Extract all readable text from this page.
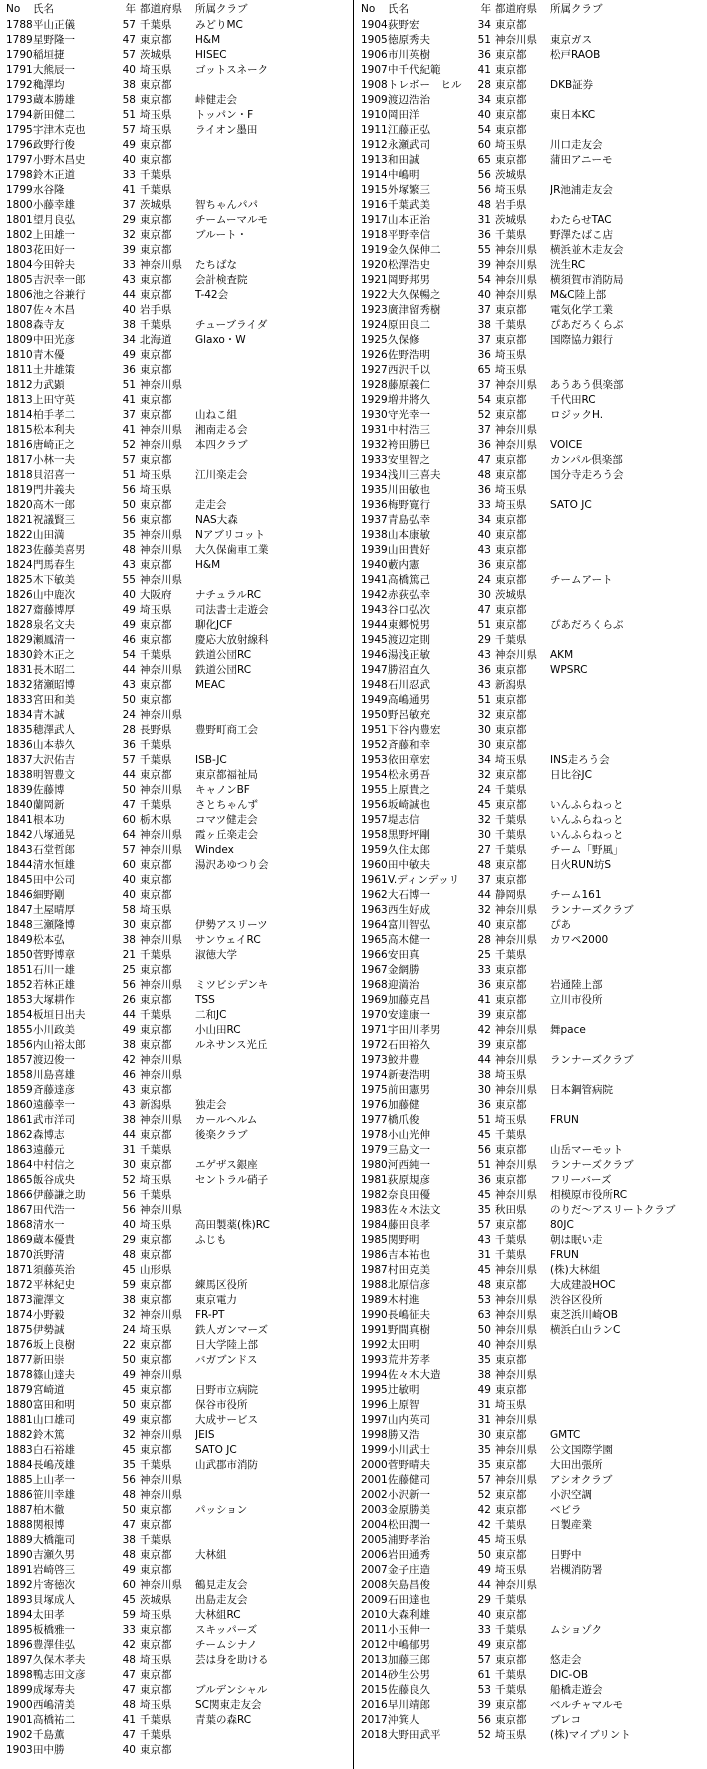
No	氏名	年 都道府県	所属クラブ
1788 平山正儀	57 千葉県	みどりMC
1789 星野隆一	47 東京都	H&M
1790 稲垣捷	57 茨城県	HISEC
1791 大熊辰一	40 埼玉県	ゴットスネーク
1792 穐澤均	38 東京都
1793 蔵本勝雄	58 東京都	峠健走会
1794 新田健二	51 埼玉県	トッパン・F
1795 宇津木克也	57 埼玉県	ライオン墨田
1796 政野行俊	49 東京都
1797 小野木昌史	40 東京都
1798 鈴木正道	33 千葉県
1799 水谷隆	41 千葉県
1800 小藤幸雄	37 茨城県	智ちゃんパパ
1801 望月良弘	29 東京都	チームーマルモ
1802 上田雄一	32 東京都	ブルート・
1803 花田好一	39 東京都
1804 今田幹夫	33 神奈川県	たちばな
1805 吉沢幸一郎	43 東京都	会計検査院
1806 池之谷兼行	44 東京都	T-42会
1807 佐々木昌	40 岩手県
1808 森寺友	38 千葉県	チューブライダ
1809 中田光彦	34 北海道	Glaxo・W
1810 青木優	49 東京都
1811 土井雄策	36 東京都
1812 力武顕	51 神奈川県
1813 上田守英	41 東京都
1814 柏手孝二	37 東京都	山ねこ組
1815 松本利夫	41 神奈川県	湘南走る会
1816 唐崎正之	52 神奈川県	本四クラブ
1817 小林一夫	57 東京都
1818 貝沼喜一	51 埼玉県	江川楽走会
1819 門井義夫	56 埼玉県
1820 高木一郎	50 東京都	走走会
1821 祝議賢三	56 東京都	NAS大森
1822 山田満	35 神奈川県	Nアブリコット
1823 佐藤美喜男	48 神奈川県	大久保歯車工業
1824 門馬春生	43 東京都	H&M
1825 木下敏美	55 神奈川県
1826 山中鹿次	40 大阪府	ナチュラルRC
1827 齋藤博厚	49 埼玉県	司法書士走遊会
1828 泉名文夫	49 東京都	聊化JCF
1829 瀬鳳清一	46 東京都	慶応大放射線科
1830 鈴木正之	54 千葉県	鉄道公団RC
1831 長木昭二	44 神奈川県	鉄道公団RC
1832 猪瀬昭博	43 東京都	MEAC
1833 宮田和美	50 東京都
1834 青木誠	24 神奈川県
1835 穂澤武人	28 長野県	豊野町商工会
1836 山本恭久	36 千葉県
1837 大沢佑吉	57 千葉県	ISB-JC
1838 明智豊文	44 東京都	東京都福祉局
1839 佐藤博	50 神奈川県	キャノンBF
1840 蘭岡新	47 千葉県	さとちゃんず
1841 根本功	60 栃木県	コマツ健走会
1842 八塚通晃	64 神奈川県	霞ヶ丘楽走会
1843 石堂哲郎	57 神奈川県	Windex
1844 清水恒雄	60 東京都	湯沢あゆつり会
1845 田中公司	40 東京都
1846 細野剛	40 東京都
1847 土屋晴厚	58 埼玉県
1848 三瀬隆博	30 東京都	伊勢アスリーツ
1849 松本弘	38 神奈川県	サンウェイRC
1850 菅野博章	21 千葉県	淑徳大学
1851 石川一雄	25 東京都
1852 若林正雄	56 神奈川県	ミツビシデンキ
1853 大塚耕作	26 東京都	TSS
1854 板垣日出夫	44 千葉県	二和JC
1855 小川政美	49 東京都	小山田RC
1856 内山裕太郎	38 東京都	ルネサンス光丘
1857 渡辺俊一	42 神奈川県
1858 川島喜雄	46 神奈川県
1859 斉藤達彦	43 東京都
1860 遠藤幸一	43 新潟県	独走会
1861 武市洋司	38 神奈川県	カールヘルム
1862 森博志	44 東京都	後楽クラブ
1863 遠藤元	31 千葉県
1864 中村信之	30 東京都	エゲザス銀座
1865 飯谷成央	52 埼玉県	セントラル硝子
1866 伊藤謙之助	56 千葉県
1867 田代浩一	56 神奈川県
1868 清水一	40 埼玉県	高田製薬(株)RC
1869 蔵本優貴	29 東京都	ふじも
1870 浜野清	48 東京都
1871 須藤英治	45 山形県
1872 平林紀史	59 東京都	練馬区役所
1873 瀧澤文	38 東京都	東京電力
1874 小野毅	32 神奈川県	FR-PT
1875 伊勢誠	24 埼玉県	鉄人ガンマーズ
1876 坂上良樹	22 東京都	日大学陸上部
1877 新田崇	50 東京都	バガブンドス
1878 篠山達夫	49 神奈川県
1879 宮崎道	45 東京都	日野市立病院
1880 富田和明	50 東京都	保谷市役所
1881 山口雄司	49 東京都	大成サービス
1882 鈴木篤	32 神奈川県	JEIS
1883 白石裕雄	45 東京都	SATO JC
1884 長嶋茂雄	35 千葉県	山武郡市消防
1885 上山孝一	56 神奈川県
1886 笹川幸雄	48 神奈川県
1887 柏木徹	50 東京都	パッション
1888 関根博	47 東京都
1889 大橋龍司	38 千葉県
1890 吉瀬久男	48 東京都	大林組
1891 岩崎啓三	49 東京都
1892 片寄徳次	60 神奈川県	鶴見走友会
1893 貝塚成人	45 茨城県	出島走友会
1894 太田孝	59 埼玉県	大林組RC
1895 板橋雅一	33 東京都	スキッパーズ
1896 豊澤佳弘	42 東京都	チームシナノ
1897 久保木孝夫	48 埼玉県	芸は身を助ける
1898 鴨志田文彦	47 東京都
1899 成塚寿夫	47 東京都	ブルデンシャル
1900 西嶋清美	48 埼玉県	SC関東走友会
1901 高橋祐二	41 千葉県	青葉の森RC
1902 千島薫	47 千葉県
1903 田中勝	40 東京都
No	氏名	年 都道府県	所属クラブ
1904 荻野宏	34 東京都
1905 徳原秀夫	51 神奈川県	東京ガス
1906 市川英樹	36 東京都	松戸RAOB
1907 中千代紀範	41 東京都
1908 トレボー　ヒル	28 東京都	DKB証券
1909 渡辺浩治	34 東京都
1910 岡田洋	40 東京都	東日本KC
1911 江藤正弘	54 東京都
1912 永瀬武司	60 埼玉県	川口走友会
1913 和田誠	65 東京都	蒲田アニーモ
1914 中嶋明	56 茨城県
1915 外塚繁三	56 埼玉県	JR池浦走友会
1916 千葉武美	48 岩手県
1917 山本正治	31 茨城県	わたらせTAC
1918 平野幸信	36 千葉県	野澤たばこ店
1919 金久保伸二	55 神奈川県	横浜並木走友会
1920 松澤浩史	39 神奈川県	洸生RC
1921 岡野邦男	54 神奈川県	横須賀市消防局
1922 大久保暢之	40 神奈川県	M&C陸上部
1923 廣津留秀樹	37 東京都	電気化学工業
1924 原田良二	38 千葉県	ぴあだろくらぶ
1925 久保修	37 東京都	国際協力銀行
1926 佐野浩明	36 埼玉県
1927 西沢千以	65 埼玉県
1928 藤原義仁	37 神奈川県	あうあう倶楽部
1929 増井將久	54 東京都	千代田RC
1930 守光幸一	52 東京都	ロジックH.
1931 中村浩三	37 神奈川県
1932 袴田勝巳	36 神奈川県	VOICE
1933 安里智之	47 東京都	カンパル倶楽部
1934 浅川三喜夫	48 東京都	国分寺走ろう会
1935 川田敏也	36 埼玉県
1936 梅野寛行	33 埼玉県	SATO JC
1937 青島弘幸	34 東京都
1938 山本康敏	40 東京都
1939 山田貴好	43 東京都
1940 藪内憲	36 東京都
1941 高橋篤己	24 東京都	チームアート
1942 赤荻弘幸	30 茨城県
1943 谷口弘次	47 東京都
1944 東郷悦男	51 東京都	ぴあだろくらぶ
1945 渡辺定則	29 千葉県
1946 湯浅正敏	43 神奈川県	AKM
1947 勝沼直久	36 東京都	WPSRC
1948 石川忍武	43 新潟県
1949 高嶋通男	51 東京都
1950 野呂敏充	32 東京都
1951 下谷内豊宏	30 東京都
1952 斉藤和幸	30 東京都
1953 依田章宏	34 埼玉県	INS走ろう会
1954 松永勇吾	32 東京都	日比谷JC
1955 上原貴之	24 千葉県
1956 坂崎誠也	45 東京都	いんふらねっと
1957 堤志信	32 千葉県	いんふらねっと
1958 黒野坪剛	30 千葉県	いんふらねっと
1959 久住太郎	27 千葉県	チーム「野風」
1960 田中敏夫	48 東京都	日火RUN坊S
1961 V.ディンデッリ	37 東京都
1962 大石博一	44 静岡県	チーム161
1963 西生好成	32 神奈川県	ランナーズクラブ
1964 富川智弘	40 東京都	ぴあ
1965 高木健一	28 神奈川県	カワペ2000
1966 安田真	25 千葉県
1967 金網勝	33 東京都
1968 迎満治	36 東京都	岩通陸上部
1969 加藤克昌	41 東京都	立川市役所
1970 安達康一	39 東京都
1971 宇田川孝男	42 神奈川県	舞pace
1972 石田裕久	39 東京都
1973 鮫井豊	44 神奈川県	ランナーズクラブ
1974 新妻浩明	38 埼玉県
1975 前田憲男	30 神奈川県	日本鋼管病院
1976 加藤健	36 東京都
1977 橋爪俊	51 埼玉県	FRUN
1978 小山光伸	45 千葉県
1979 三島文一	56 東京都	山岳マーモット
1980 河西純一	51 神奈川県	ランナーズクラブ
1981 荻原規彦	36 東京都	フリーバーズ
1982 奈良田優	45 神奈川県	相模原市役所RC
1983 佐々木法文	35 秋田県	のりだ～アスリートクラブ
1984 藤田良孝	57 東京都	80JC
1985 関野明	43 千葉県	朝は眠い走
1986 吉本祐也	31 千葉県	FRUN
1987 村田克美	45 神奈川県	(株)大林組
1988 北原信彦	48 東京都	大成建設HOC
1989 木村進	53 神奈川県	渋谷区役所
1990 長嶋征夫	63 神奈川県	東芝浜川崎OB
1991 野間真樹	50 神奈川県	横浜白山ランC
1992 太田明	40 神奈川県
1993 荒井芳孝	35 東京都
1994 佐々木大造	38 神奈川県
1995 辻敏明	49 東京都
1996 上原智	31 埼玉県
1997 山内英司	31 神奈川県
1998 勝又浩	30 東京都	GMTC
1999 小川武士	35 神奈川県	公文国際学園
2000 菅野晴夫	35 東京都	大田出張所
2001 佐藤健司	57 神奈川県	アシオクラブ
2002 小沢新一	52 東京都	小沢空調
2003 金原勝美	42 東京都	ベビラ
2004 松田潤一	42 千葉県	日製産業
2005 浦野孝治	45 埼玉県
2006 岩田通秀	50 東京都	日野中
2007 金子庄造	49 埼玉県	岩槻消防署
2008 矢島昌俊	44 神奈川県
2009 石田達也	29 千葉県
2010 大森利雄	40 東京都
2011 小玉伸一	33 千葉県	ムショゾク
2012 中嶋郁男	49 東京都
2013 加藤三郎	57 東京都	悠走会
2014 砂生公男	61 千葉県	DIC-OB
2015 佐藤良久	53 千葉県	船橋走遊会
2016 早川靖郎	39 東京都	ベルチャマルモ
2017 沖箕人	56 東京都	ブレコ
2018 大野田武平	52 埼玉県	(株)マイブリント
